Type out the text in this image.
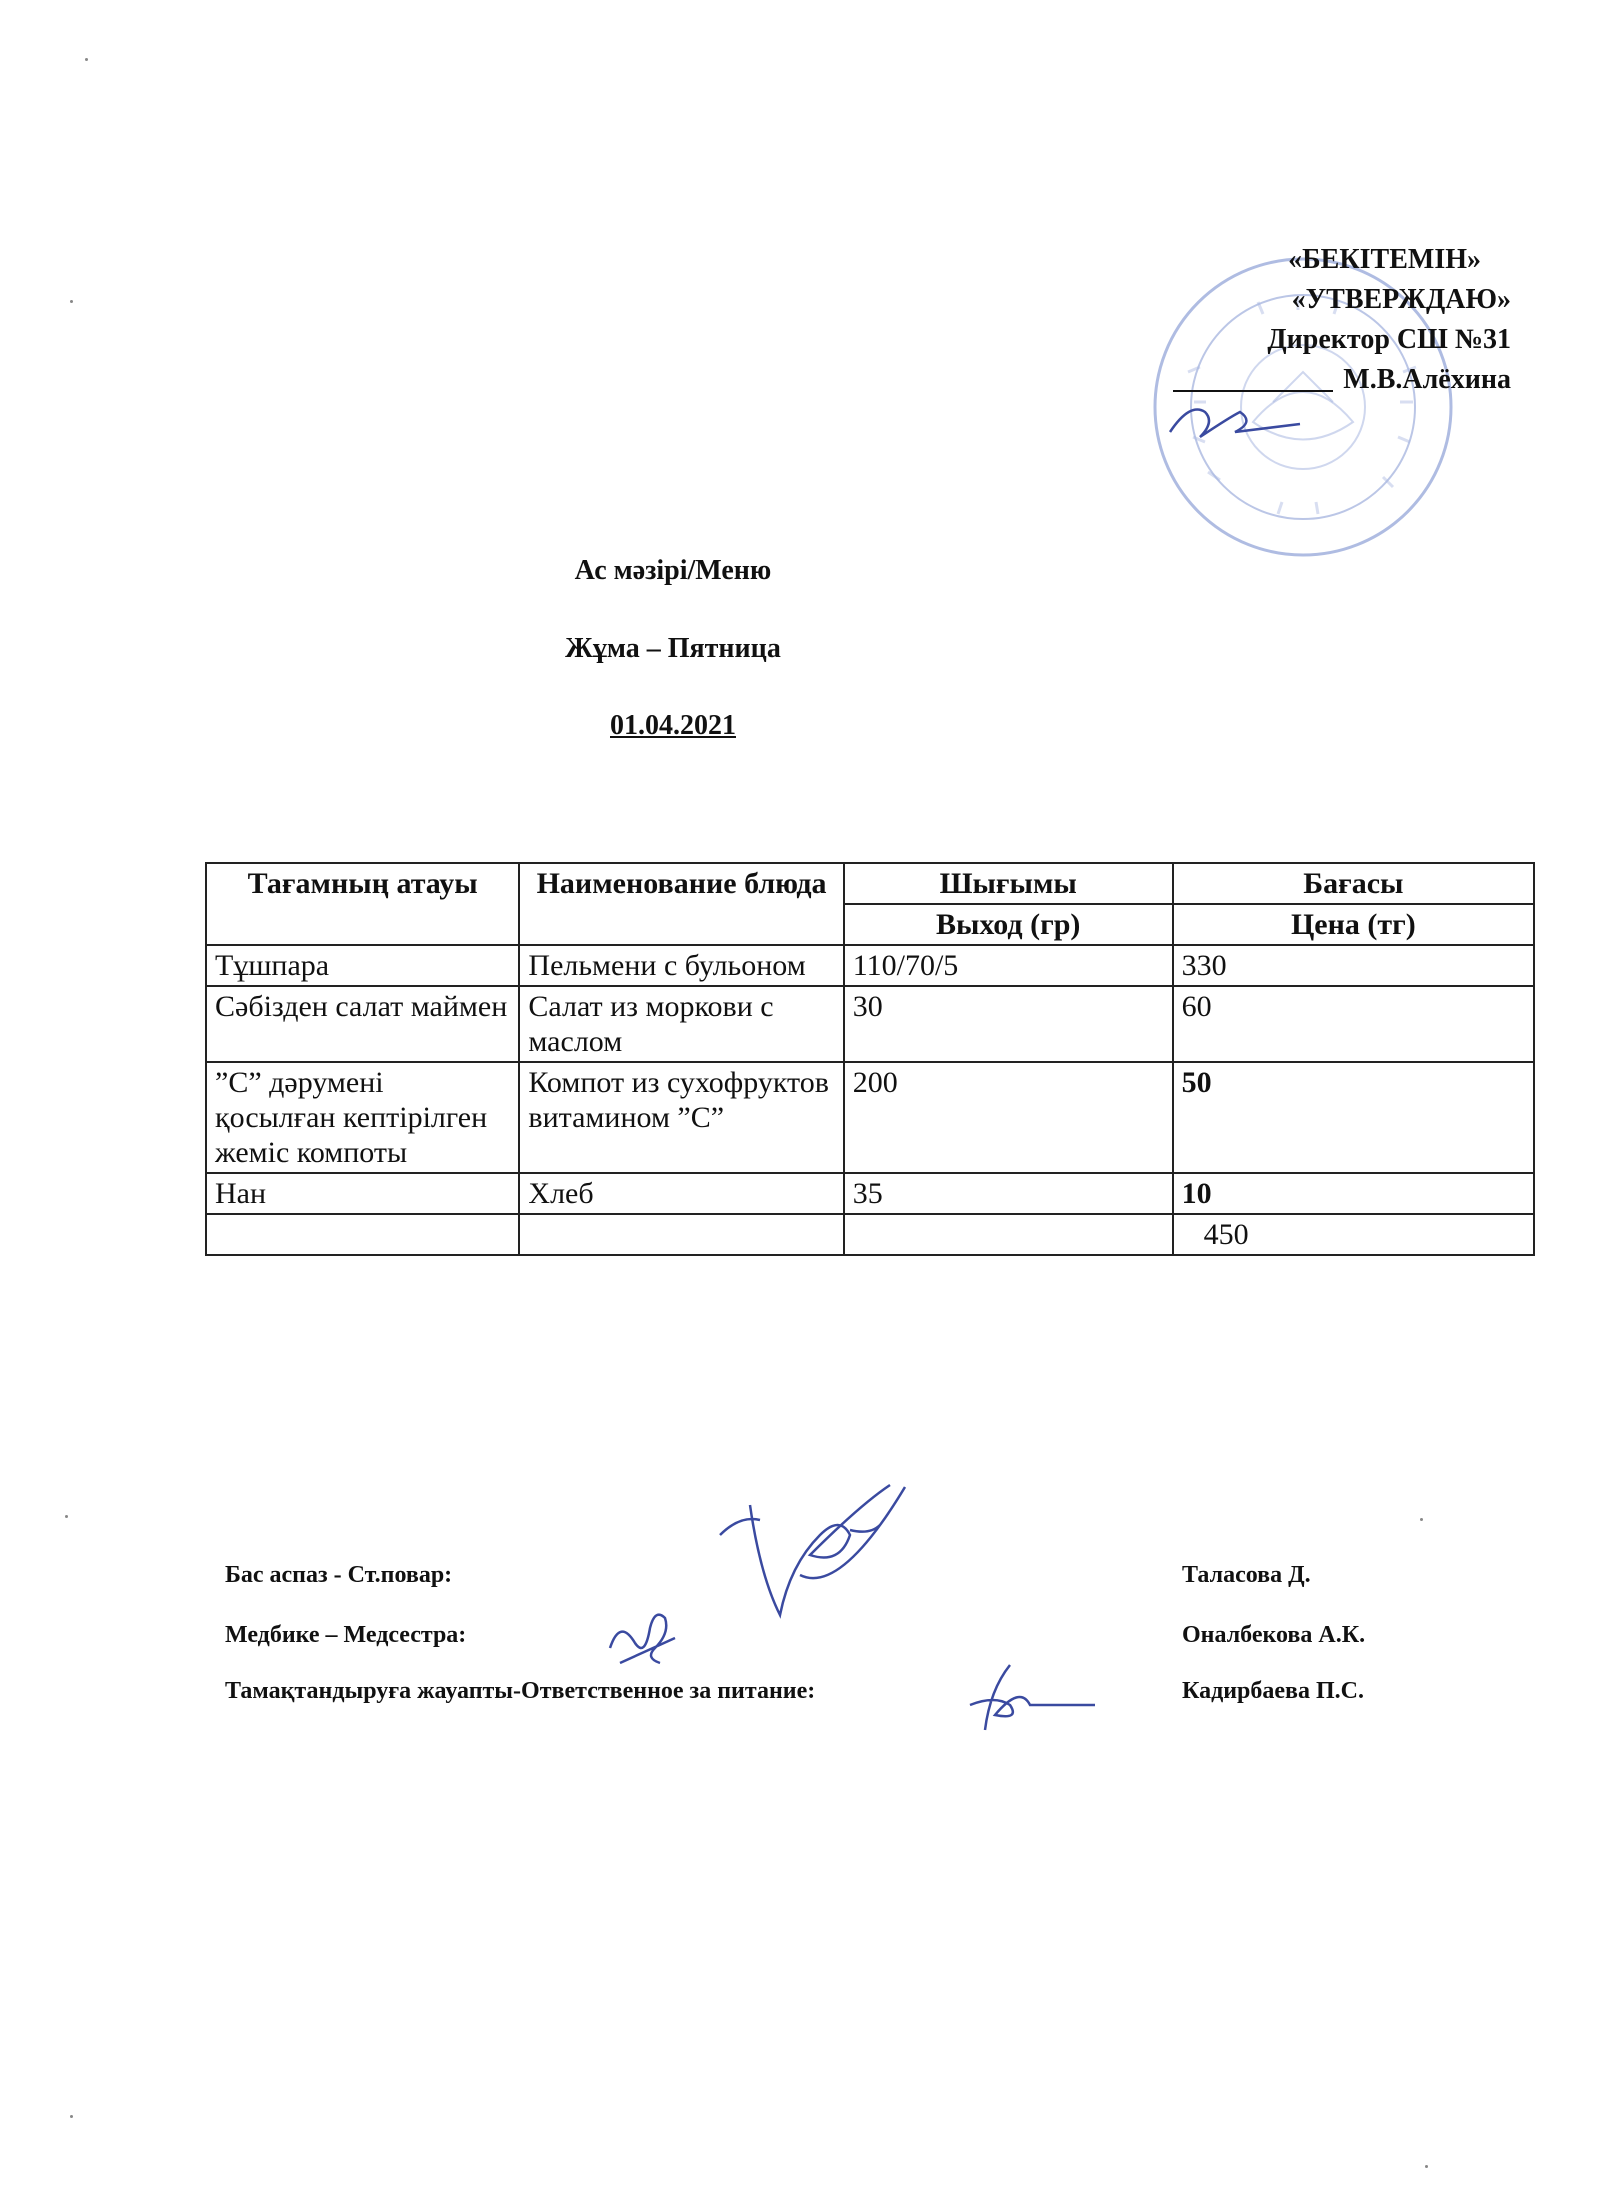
«БЕКІТЕМІН»
«УТВЕРЖДАЮ»
Директор СШ №31
М.В.Алёхина
Ас мәзірі/Меню
Жұма – Пятница
01.04.2021
Тағамның атауы	Наименование блюда	Шығымы	Бағасы
		Выход (гр)	Цена (тг)
Тұшпара	Пельмени с бульоном	110/70/5	330
Сәбізден салат маймен	Салат из моркови с маслом	30	60
”С” дәрумені қосылған кептірілген жеміс компоты	Компот из сухофруктов витамином ”С”	200	50
Нан	Хлеб	35	10
			450
Бас аспаз - Ст.повар:	Таласова Д.
Медбике – Медсестра:	Оналбекова А.К.
Тамақтандыруға жауапты-Ответственное за питание:	Кадирбаева П.С.
